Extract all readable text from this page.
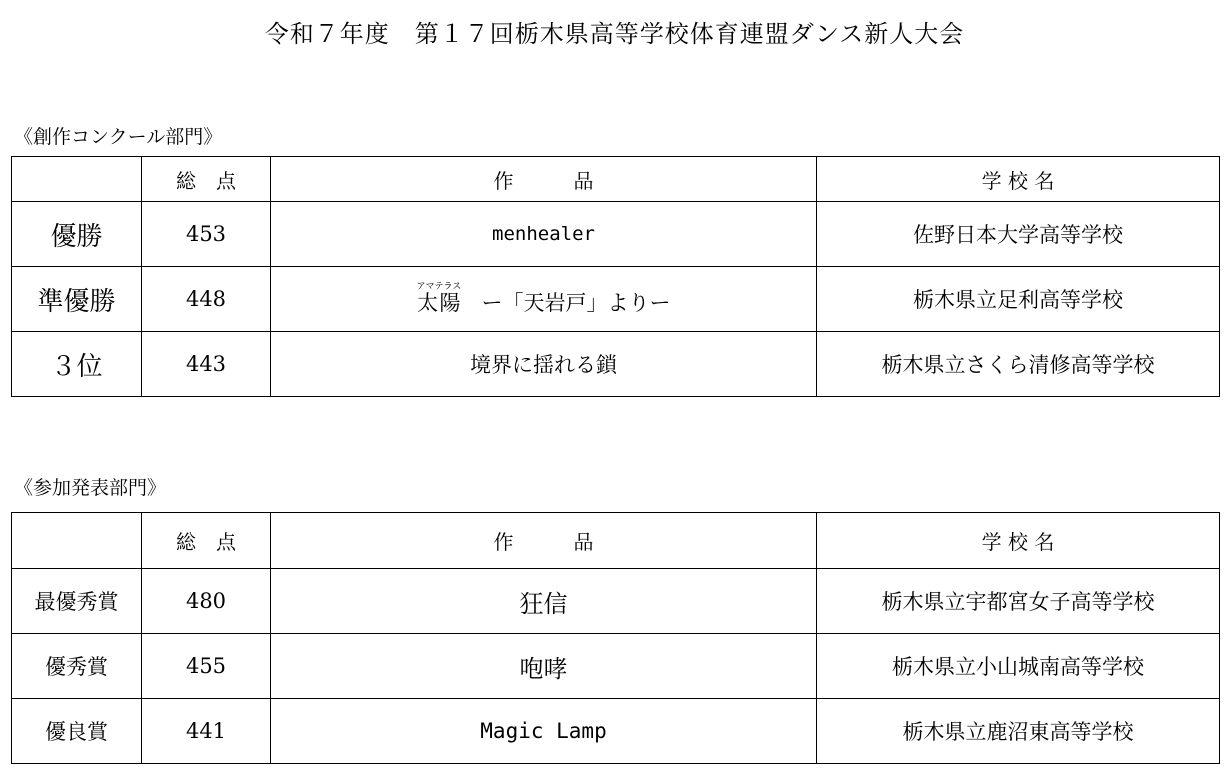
令和７年度　第１７回栃木県高等学校体育連盟ダンス新人大会
《創作コンクール部門》
	総　点	作　　　品	学 校 名
優勝	453	menhealer	佐野日本大学高等学校
準優勝	448	太陽アマテラス　ー「天岩戸」よりー	栃木県立足利高等学校
３位	443	境界に揺れる鎖	栃木県立さくら清修高等学校
《参加発表部門》
	総　点	作　　　品	学 校 名
最優秀賞	480	狂信	栃木県立宇都宮女子高等学校
優秀賞	455	咆哮	栃木県立小山城南高等学校
優良賞	441	Magic Lamp	栃木県立鹿沼東高等学校
